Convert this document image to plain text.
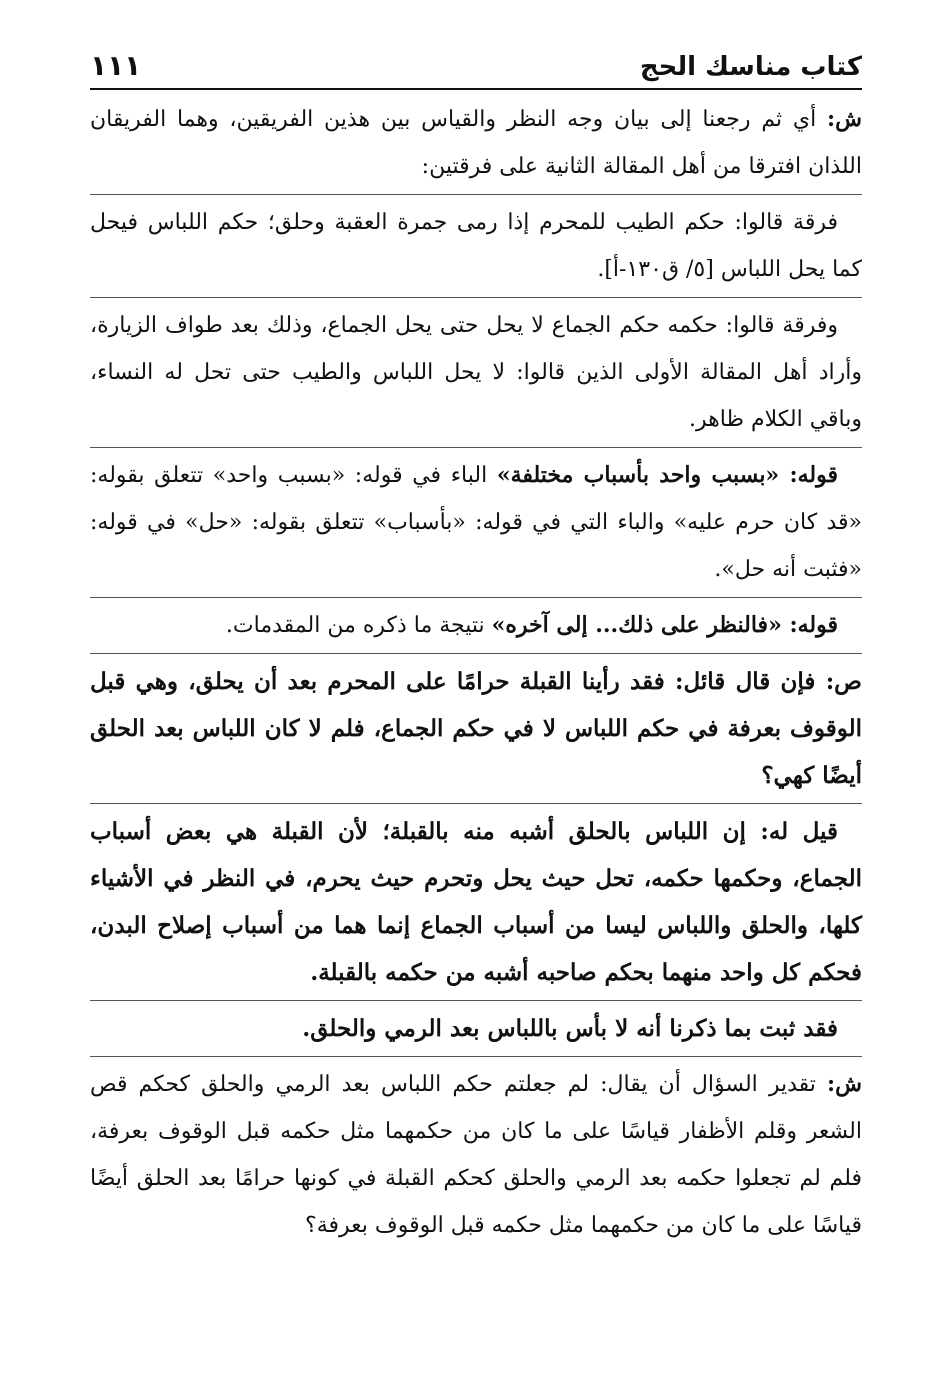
كتاب مناسك الحج
١١١

ش: أي ثم رجعنا إلى بيان وجه النظر والقياس بين هذين الفريقين، وهما الفريقان اللذان افترقا من أهل المقالة الثانية على فرقتين:

فرقة قالوا: حكم الطيب للمحرم إذا رمى جمرة العقبة وحلق؛ حكم اللباس فيحل كما يحل اللباس [٥/ ق١٣٠-أ].

وفرقة قالوا: حكمه حكم الجماع لا يحل حتى يحل الجماع، وذلك بعد طواف الزيارة، وأراد أهل المقالة الأولى الذين قالوا: لا يحل اللباس والطيب حتى تحل له النساء، وباقي الكلام ظاهر.

قوله: «بسبب واحد بأسباب مختلفة» الباء في قوله: «بسبب واحد» تتعلق بقوله: «قد كان حرم عليه» والباء التي في قوله: «بأسباب» تتعلق بقوله: «حل» في قوله: «فثبت أنه حل».

قوله: «فالنظر على ذلك... إلى آخره» نتيجة ما ذكره من المقدمات.

ص: فإن قال قائل: فقد رأينا القبلة حرامًا على المحرم بعد أن يحلق، وهي قبل الوقوف بعرفة في حكم اللباس لا في حكم الجماع، فلم لا كان اللباس بعد الحلق أيضًا كهي؟

قيل له: إن اللباس بالحلق أشبه منه بالقبلة؛ لأن القبلة هي بعض أسباب الجماع، وحكمها حكمه، تحل حيث يحل وتحرم حيث يحرم، في النظر في الأشياء كلها، والحلق واللباس ليسا من أسباب الجماع إنما هما من أسباب إصلاح البدن، فحكم كل واحد منهما بحكم صاحبه أشبه من حكمه بالقبلة.

فقد ثبت بما ذكرنا أنه لا بأس باللباس بعد الرمي والحلق.

ش: تقدير السؤال أن يقال: لم جعلتم حكم اللباس بعد الرمي والحلق كحكم قص الشعر وقلم الأظفار قياسًا على ما كان من حكمهما مثل حكمه قبل الوقوف بعرفة، فلم لم تجعلوا حكمه بعد الرمي والحلق كحكم القبلة في كونها حرامًا بعد الحلق أيضًا قياسًا على ما كان من حكمهما مثل حكمه قبل الوقوف بعرفة؟
